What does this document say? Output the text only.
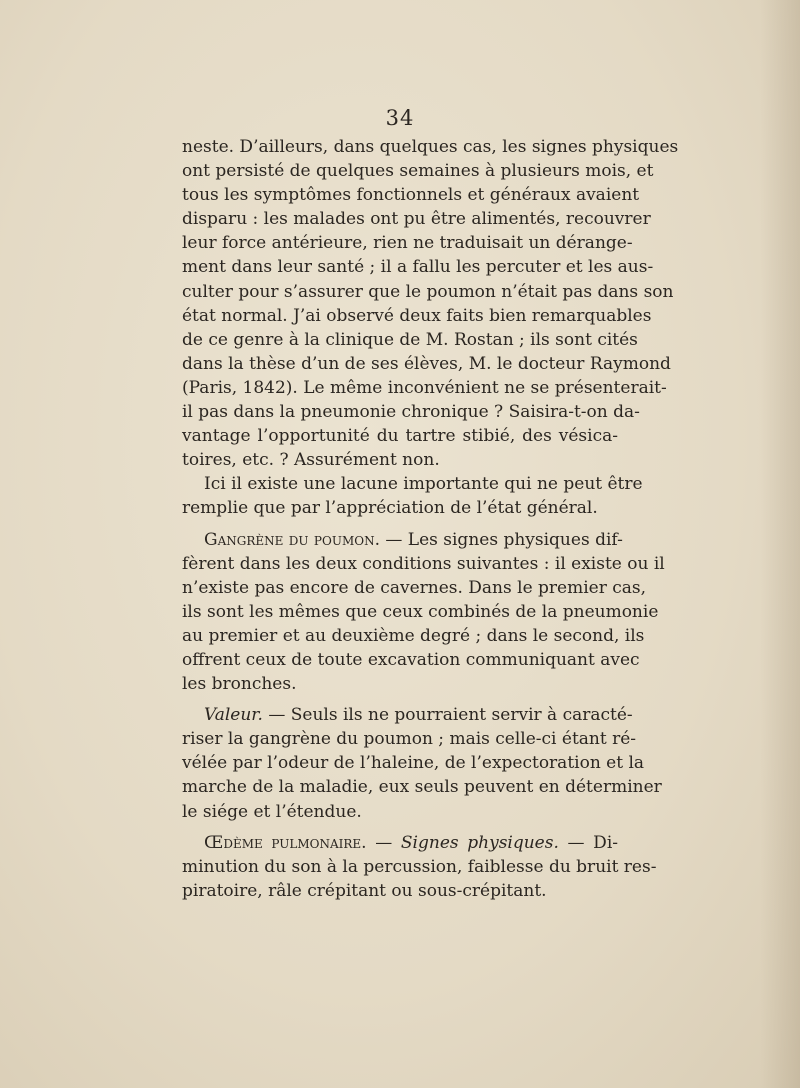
34
neste. D’ailleurs, dans quelques cas, les signes physiques
ont persisté de quelques semaines à plusieurs mois, et
tous les symptômes fonctionnels et généraux avaient
disparu : les malades ont pu être alimentés, recouvrer
leur force antérieure, rien ne traduisait un dérange-
ment dans leur santé ; il a fallu les percuter et les aus-
culter pour s’assurer que le poumon n’était pas dans son
état normal. J’ai observé deux faits bien remarquables
de ce genre à la clinique de M. Rostan ; ils sont cités
dans la thèse d’un de ses élèves, M. le docteur Raymond
(Paris, 1842). Le même inconvénient ne se présenterait-
il pas dans la pneumonie chronique ? Saisira-t-on da-
vantage l’opportunité du tartre stibié, des vésica-
toires, etc. ? Assurément non.
Ici il existe une lacune importante qui ne peut être
remplie que par l’appréciation de l’état général.
Gangrène du poumon. — Les signes physiques dif-
fèrent dans les deux conditions suivantes : il existe ou il
n’existe pas encore de cavernes. Dans le premier cas,
ils sont les mêmes que ceux combinés de la pneumonie
au premier et au deuxième degré ; dans le second, ils
offrent ceux de toute excavation communiquant avec
les bronches.
Valeur. — Seuls ils ne pourraient servir à caracté-
riser la gangrène du poumon ; mais celle-ci étant ré-
vélée par l’odeur de l’haleine, de l’expectoration et la
marche de la maladie, eux seuls peuvent en déterminer
le siége et l’étendue.
Œdème pulmonaire. — Signes physiques. — Di-
minution du son à la percussion, faiblesse du bruit res-
piratoire, râle crépitant ou sous-crépitant.
